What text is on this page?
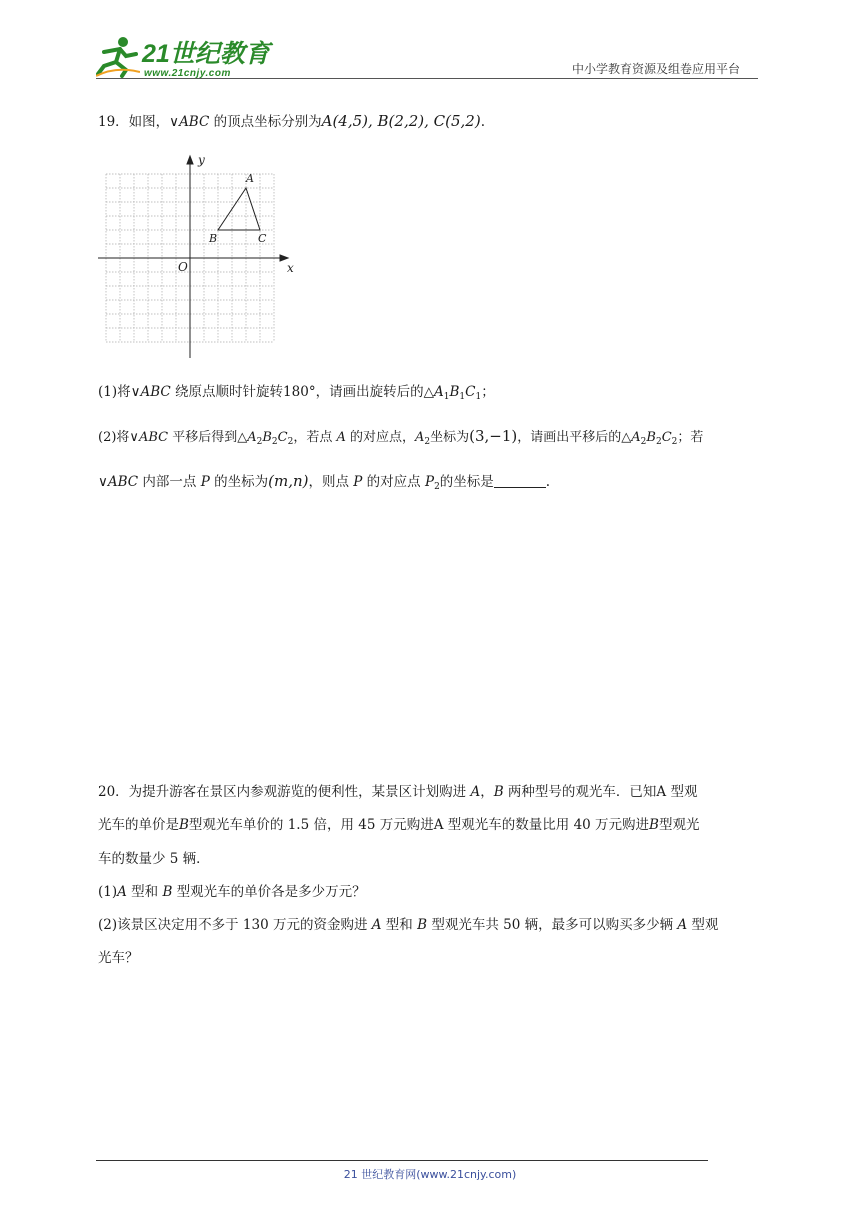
21世纪教育
www.21cnjy.com	中小学教育资源及组卷应用平台
19．如图，∨ABC 的顶点坐标分别为A(4,5), B(2,2), C(5,2).
x
y
O
A
B	C
(1)将∨ABC 绕原点顺时针旋转180°，请画出旋转后的$\triangle A_1B_1C_1$；
(2)将∨ABC 平移后得到$\triangle A_2B_2C_2$，若点 A 的对应点，$A_2$坐标为(3,−1)，请画出平移后的$\triangle A_2B_2C_2$；若
∨ABC 内部一点 P 的坐标为(m,n)，则点 P 的对应点 $P_2$的坐标是	.
20．为提升游客在景区内参观游览的便利性，某景区计划购进 A，B 两种型号的观光车．已知A 型观
光车的单价是B型观光车单价的 1.5 倍，用 45 万元购进A 型观光车的数量比用 40 万元购进B型观光
车的数量少 5 辆．
(1)A 型和 B 型观光车的单价各是多少万元？
(2)该景区决定用不多于 130 万元的资金购进 A 型和 B 型观光车共 50 辆，最多可以购买多少辆 A 型观
光车？
21 世纪教育网(www.21cnjy.com)
